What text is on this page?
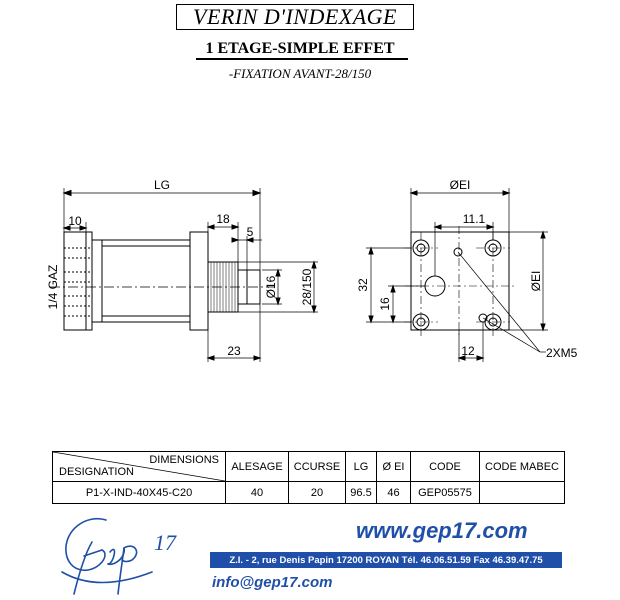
VERIN D'INDEXAGE
1 ETAGE-SIMPLE EFFET
-FIXATION AVANT-28/150
LG
10	18
5
23
Ø16 28/150
1/4 GAZ
ØEI
11.1
ØEI
32
16
12	2XM5
DIMENSIONS
DESIGNATION	ALESAGE	CCURSE	LG	Ø EI	CODE	CODE MABEC
P1-X-IND-40X45-C20	40	20	96.5	46	GEP05575	
17	www.gep17.com
Z.I. - 2, rue Denis Papin 17200 ROYAN Tél. 46.06.51.59 Fax 46.39.47.75
info@gep17.com
